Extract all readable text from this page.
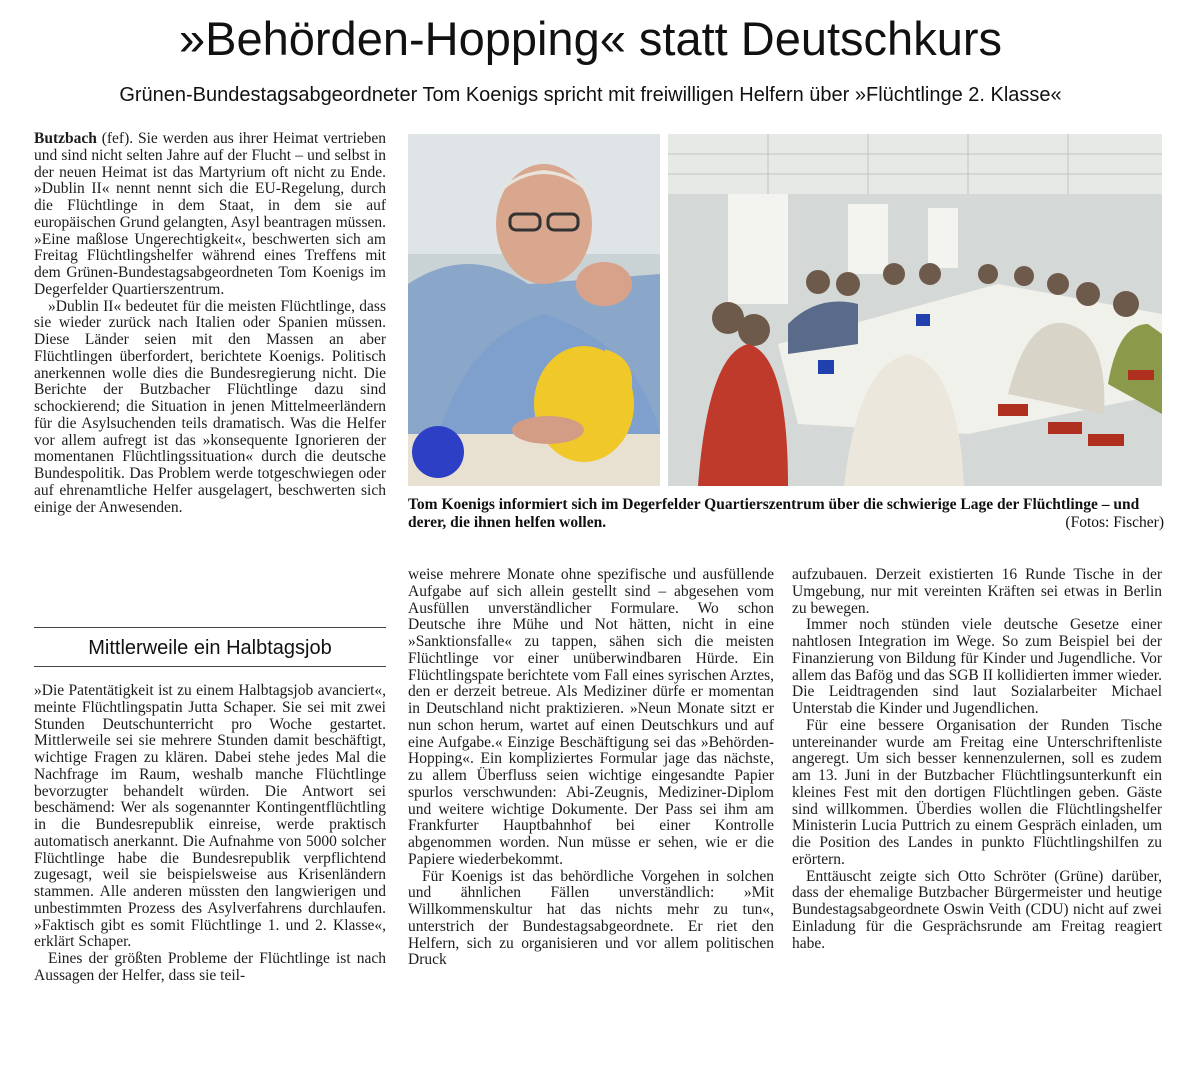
»Behörden-Hopping« statt Deutschkurs
Grünen-Bundestagsabgeordneter Tom Koenigs spricht mit freiwilligen Helfern über »Flüchtlinge 2. Klasse«

Butzbach (fef). Sie werden aus ihrer Heimat vertrieben und sind nicht selten Jahre auf der Flucht – und selbst in der neuen Heimat ist das Martyrium oft nicht zu Ende. »Dublin II« nennt nennt sich die EU-Regelung, durch die Flüchtlinge in dem Staat, in dem sie auf europäischen Grund gelangten, Asyl beantragen müssen. »Eine maßlose Ungerechtigkeit«, beschwerten sich am Freitag Flüchtlingshelfer während eines Treffens mit dem Grünen-Bundestagsabgeordneten Tom Koenigs im Degerfelder Quartierszentrum.

»Dublin II« bedeutet für die meisten Flüchtlinge, dass sie wieder zurück nach Italien oder Spanien müssen. Diese Länder seien mit den Massen an aber Flüchtlingen überfordert, berichtete Koenigs. Politisch anerkennen wolle dies die Bundesregierung nicht. Die Berichte der Butzbacher Flüchtlinge dazu sind schockierend; die Situation in jenen Mittelmeerländern für die Asylsuchenden teils dramatisch. Was die Helfer vor allem aufregt ist das »konsequente Ignorieren der momentanen Flüchtlingssituation« durch die deutsche Bundespolitik. Das Problem werde totgeschwiegen oder auf ehrenamtliche Helfer ausgelagert, beschwerten sich einige der Anwesenden.	Tom Koenigs informiert sich im Degerfelder Quartierszentrum über die schwierige Lage der Flüchtlinge – und derer, die ihnen helfen wollen.	(Fotos: Fischer)
Mittlerweile ein Halbtagsjob

»Die Patentätigkeit ist zu einem Halbtagsjob avanciert«, meinte Flüchtlingspatin Jutta Schaper. Sie sei mit zwei Stunden Deutschunterricht pro Woche gestartet. Mittlerweile sei sie mehrere Stunden damit beschäftigt, wichtige Fragen zu klären. Dabei stehe jedes Mal die Nachfrage im Raum, weshalb manche Flüchtlinge bevorzugter behandelt würden. Die Antwort sei beschämend: Wer als sogenannter Kontingentflüchtling in die Bundesrepublik einreise, werde praktisch automatisch anerkannt. Die Aufnahme von 5000 solcher Flüchtlinge habe die Bundesrepublik verpflichtend zugesagt, weil sie beispielsweise aus Krisenländern stammen. Alle anderen müssten den langwierigen und unbestimmten Prozess des Asylverfahrens durchlaufen. »Faktisch gibt es somit Flüchtlinge 1. und 2. Klasse«, erklärt Schaper.

Eines der größten Probleme der Flüchtlinge ist nach Aussagen der Helfer, dass sie teil-

weise mehrere Monate ohne spezifische und ausfüllende Aufgabe auf sich allein gestellt sind – abgesehen vom Ausfüllen unverständlicher Formulare. Wo schon Deutsche ihre Mühe und Not hätten, nicht in eine »Sanktionsfalle« zu tappen, sähen sich die meisten Flüchtlinge vor einer unüberwindbaren Hürde. Ein Flüchtlingspate berichtete vom Fall eines syrischen Arztes, den er derzeit betreue. Als Mediziner dürfe er momentan in Deutschland nicht praktizieren. »Neun Monate sitzt er nun schon herum, wartet auf einen Deutschkurs und auf eine Aufgabe.« Einzige Beschäftigung sei das »Behörden-Hopping«. Ein kompliziertes Formular jage das nächste, zu allem Überfluss seien wichtige eingesandte Papier spurlos verschwunden: Abi-Zeugnis, Mediziner-Diplom und weitere wichtige Dokumente. Der Pass sei ihm am Frankfurter Hauptbahnhof bei einer Kontrolle abgenommen worden. Nun müsse er sehen, wie er die Papiere wiederbekommt.

Für Koenigs ist das behördliche Vorgehen in solchen und ähnlichen Fällen unverständlich: »Mit Willkommenskultur hat das nichts mehr zu tun«, unterstrich der Bundestagsabgeordnete. Er riet den Helfern, sich zu organisieren und vor allem politischen Druck

aufzubauen. Derzeit existierten 16 Runde Tische in der Umgebung, nur mit vereinten Kräften sei etwas in Berlin zu bewegen.

Immer noch stünden viele deutsche Gesetze einer nahtlosen Integration im Wege. So zum Beispiel bei der Finanzierung von Bildung für Kinder und Jugendliche. Vor allem das Bafög und das SGB II kollidierten immer wieder. Die Leidtragenden sind laut Sozialarbeiter Michael Unterstab die Kinder und Jugendlichen.

Für eine bessere Organisation der Runden Tische untereinander wurde am Freitag eine Unterschriftenliste angeregt. Um sich besser kennenzulernen, soll es zudem am 13. Juni in der Butzbacher Flüchtlingsunterkunft ein kleines Fest mit den dortigen Flüchtlingen geben. Gäste sind willkommen. Überdies wollen die Flüchtlingshelfer Ministerin Lucia Puttrich zu einem Gespräch einladen, um die Position des Landes in punkto Flüchtlingshilfen zu erörtern.

Enttäuscht zeigte sich Otto Schröter (Grüne) darüber, dass der ehemalige Butzbacher Bürgermeister und heutige Bundestagsabgeordnete Oswin Veith (CDU) nicht auf zwei Einladung für die Gesprächsrunde am Freitag reagiert habe.
